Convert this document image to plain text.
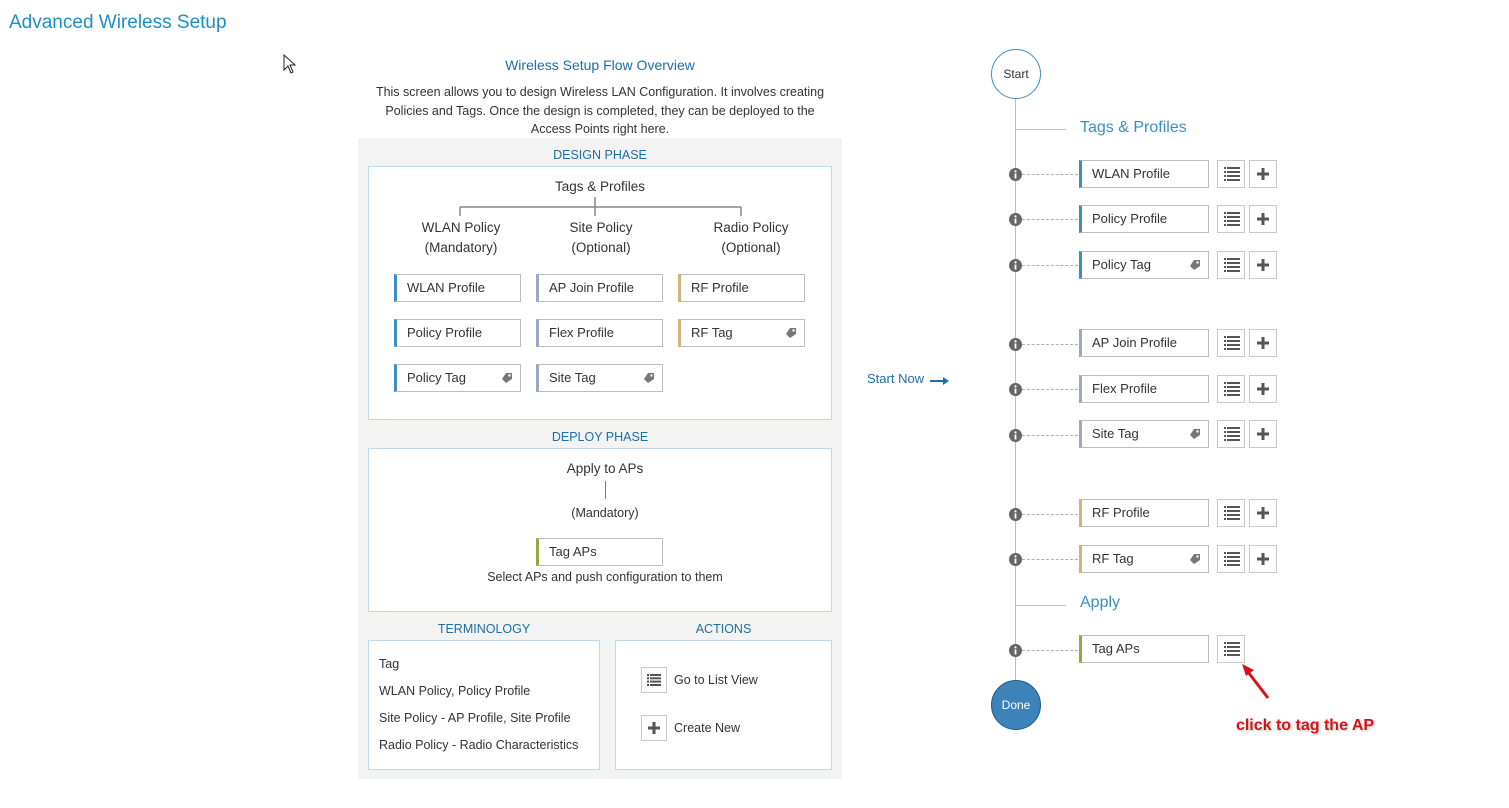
Advanced Wireless Setup
Wireless Setup Flow Overview
This screen allows you to design Wireless LAN Configuration. It involves creating Policies and Tags. Once the design is completed, they can be deployed to the Access Points right here.
DESIGN PHASE
Tags & Profiles
WLAN Policy
(Mandatory)
Site Policy
(Optional)
Radio Policy
(Optional)
WLAN Profile
Policy Profile
Policy Tag
AP Join Profile
Flex Profile
Site Tag
RF Profile
RF Tag
DEPLOY PHASE
Apply to APs
(Mandatory)
Tag APs
Select APs and push configuration to them
TERMINOLOGY
Tag
WLAN Policy, Policy Profile
Site Policy - AP Profile, Site Profile
Radio Policy - Radio Characteristics
ACTIONS
Go to List View
Create New
Start Now
Start
Done
Tags & Profiles
Apply
WLAN Profile
Policy Profile
Policy Tag
AP Join Profile
Flex Profile
Site Tag
RF Profile
RF Tag
Tag APs
click to tag the AP
